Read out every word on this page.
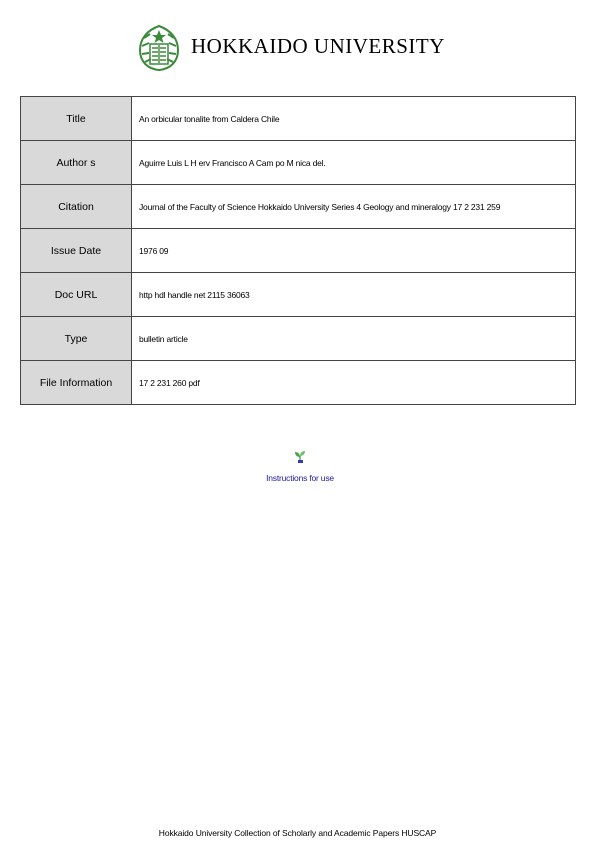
HOKKAIDO UNIVERSITY
Title	An orbicular tonalite from Caldera Chile
Author s	Aguirre Luis L H erv Francisco A Cam po M nica del.
Citation	Journal of the Faculty of Science Hokkaido University Series 4 Geology and mineralogy 17 2 231 259
Issue Date	1976 09
Doc URL	http hdl handle net 2115 36063
Type	bulletin article
File Information	17 2 231 260 pdf
Instructions for use
Hokkaido University Collection of Scholarly and Academic Papers HUSCAP
